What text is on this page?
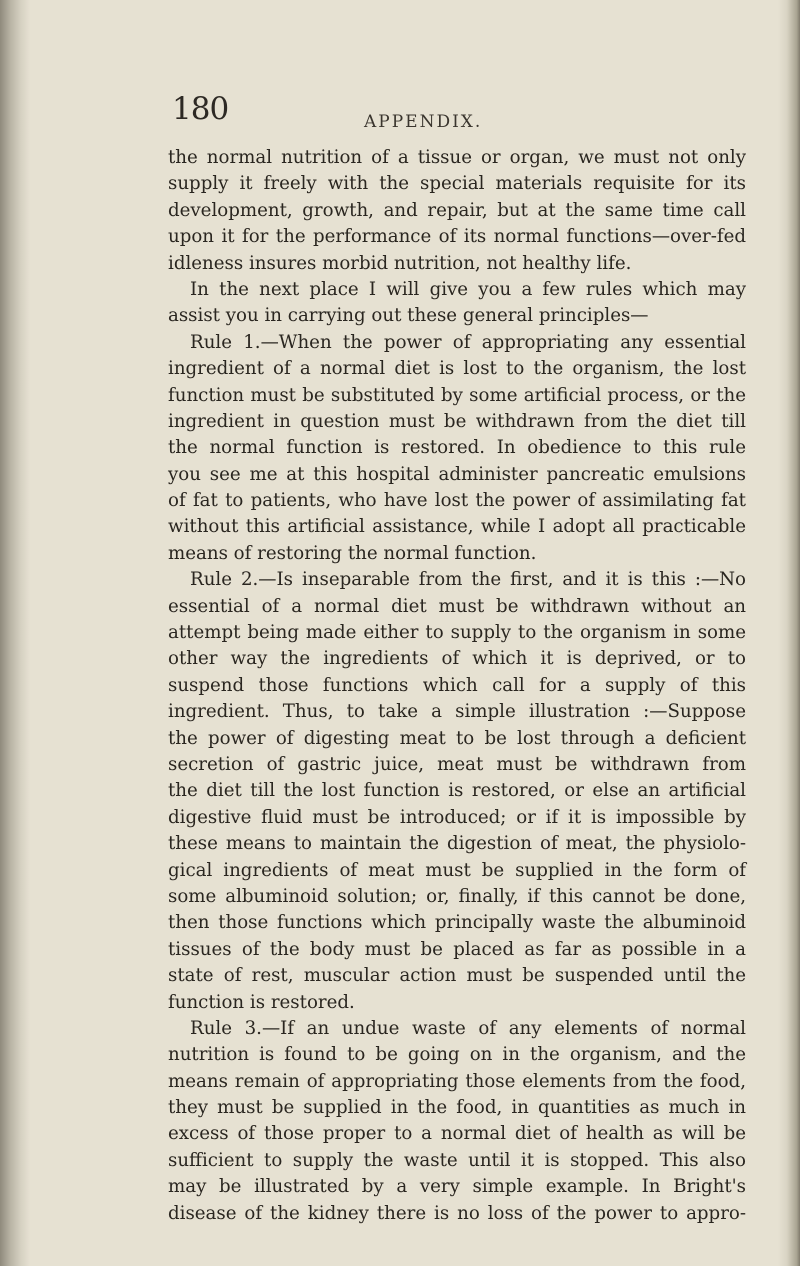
180	APPENDIX.
the normal nutrition of a tissue or organ, we must not only
supply it freely with the special materials requisite for its
development, growth, and repair, but at the same time call
upon it for the performance of its normal functions—over-fed
idleness insures morbid nutrition, not healthy life.
In the next place I will give you a few rules which may
assist you in carrying out these general principles—
Rule 1.—When the power of appropriating any essential
ingredient of a normal diet is lost to the organism, the lost
function must be substituted by some artificial process, or the
ingredient in question must be withdrawn from the diet till
the normal function is restored. In obedience to this rule
you see me at this hospital administer pancreatic emulsions
of fat to patients, who have lost the power of assimilating fat
without this artificial assistance, while I adopt all practicable
means of restoring the normal function.
Rule 2.—Is inseparable from the first, and it is this :—No
essential of a normal diet must be withdrawn without an
attempt being made either to supply to the organism in some
other way the ingredients of which it is deprived, or to
suspend those functions which call for a supply of this
ingredient. Thus, to take a simple illustration :—Suppose
the power of digesting meat to be lost through a deficient
secretion of gastric juice, meat must be withdrawn from
the diet till the lost function is restored, or else an artificial
digestive fluid must be introduced; or if it is impossible by
these means to maintain the digestion of meat, the physiolo-
gical ingredients of meat must be supplied in the form of
some albuminoid solution; or, finally, if this cannot be done,
then those functions which principally waste the albuminoid
tissues of the body must be placed as far as possible in a
state of rest, muscular action must be suspended until the
function is restored.
Rule 3.—If an undue waste of any elements of normal
nutrition is found to be going on in the organism, and the
means remain of appropriating those elements from the food,
they must be supplied in the food, in quantities as much in
excess of those proper to a normal diet of health as will be
sufficient to supply the waste until it is stopped. This also
may be illustrated by a very simple example. In Bright's
disease of the kidney there is no loss of the power to appro-
